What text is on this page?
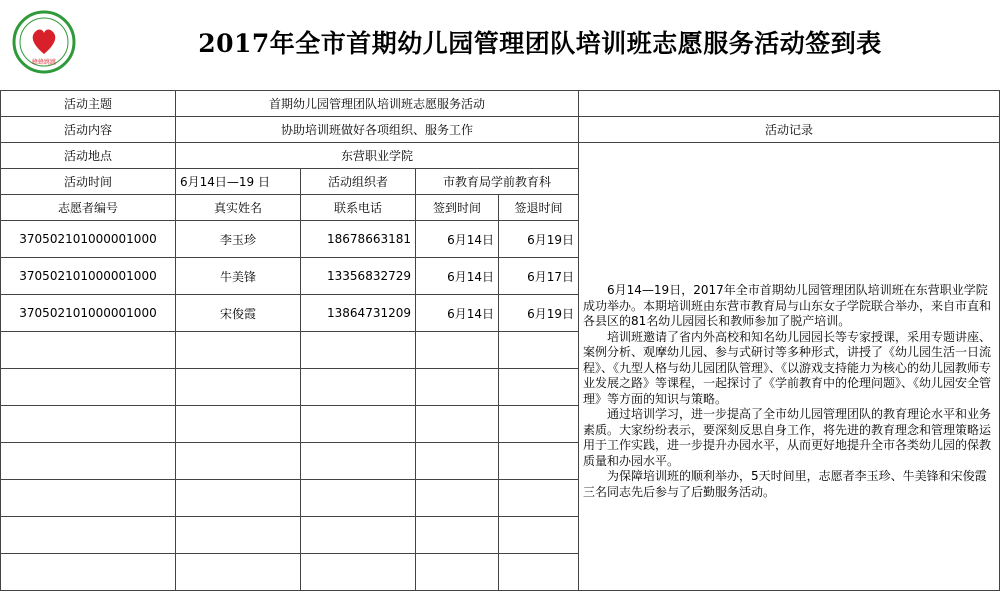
蜂蜂跳跳
2017年全市首期幼儿园管理团队培训班志愿服务活动签到表
活动主题	首期幼儿园管理团队培训班志愿服务活动				
活动内容	协助培训班做好各项组织、服务工作				活动记录
活动地点	东营职业学院				6月14—19日，2017年全市首期幼儿园管理团队培训班在东营职业学院成功举办。本期培训班由东营市教育局与山东女子学院联合举办，来自市直和各县区的81名幼儿园园长和教师参加了脱产培训。

培训班邀请了省内外高校和知名幼儿园园长等专家授课，采用专题讲座、案例分析、观摩幼儿园、参与式研讨等多种形式，讲授了《幼儿园生活一日流程》、《九型人格与幼儿园团队管理》、《以游戏支持能力为核心的幼儿园教师专业发展之路》等课程，一起探讨了《学前教育中的伦理问题》、《幼儿园安全管理》等方面的知识与策略。

通过培训学习，进一步提高了全市幼儿园管理团队的教育理论水平和业务素质。大家纷纷表示，要深刻反思自身工作，将先进的教育理念和管理策略运用于工作实践，进一步提升办园水平，从而更好地提升全市各类幼儿园的保教质量和办园水平。

为保障培训班的顺利举办，5天时间里，志愿者李玉珍、牛美锋和宋俊霞三名同志先后参与了后勤服务活动。

活动时间	6月14日—19 日	活动组织者	市教育局学前教育科		
志愿者编号	真实姓名	联系电话	签到时间	签退时间	
370502101000001000	李玉珍	18678663181	6月14日	6月19日	
370502101000001000	牛美锋	13356832729	6月14日	6月17日	
370502101000001000	宋俊霞	13864731209	6月14日	6月19日	
